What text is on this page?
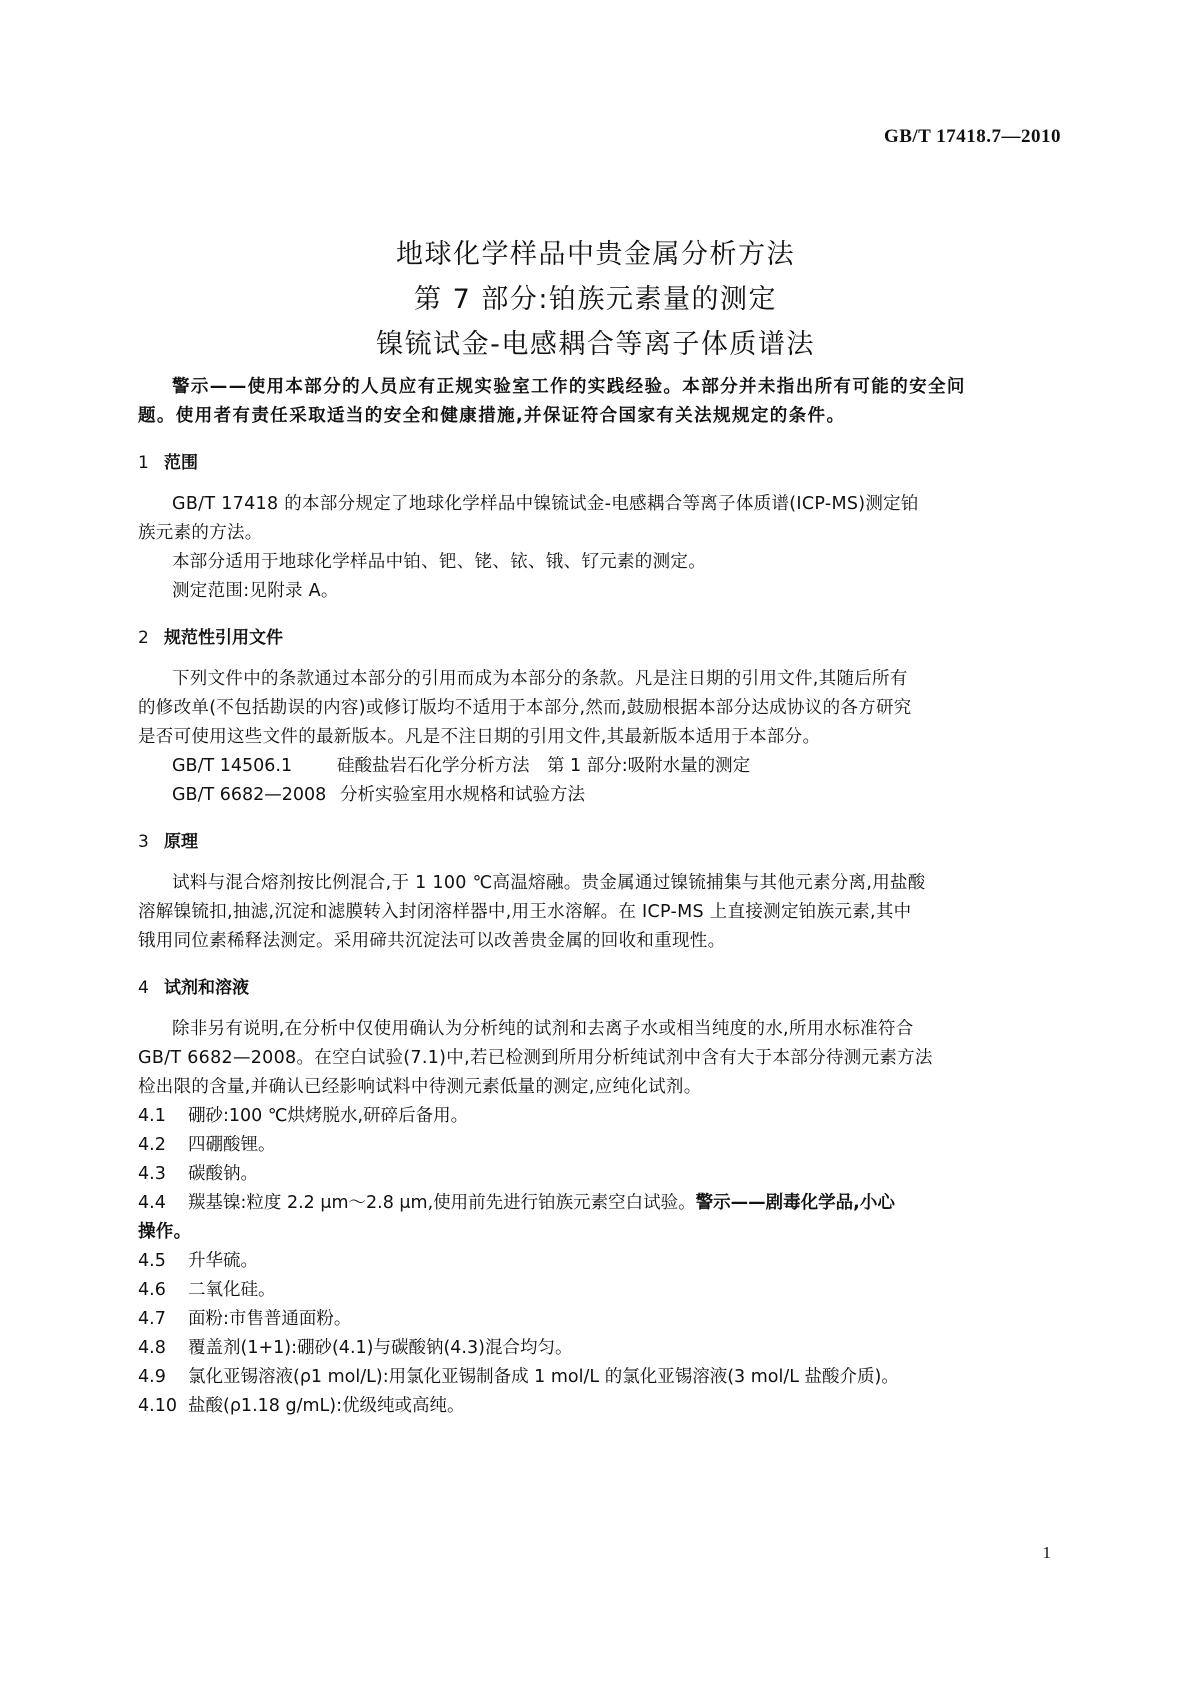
GB/T 17418.7—2010
地球化学样品中贵金属分析方法
第 7 部分:铂族元素量的测定
镍锍试金-电感耦合等离子体质谱法
警示——使用本部分的人员应有正规实验室工作的实践经验。本部分并未指出所有可能的安全问
题。使用者有责任采取适当的安全和健康措施,并保证符合国家有关法规规定的条件。
1 范围
GB/T 17418 的本部分规定了地球化学样品中镍锍试金-电感耦合等离子体质谱(ICP-MS)测定铂
族元素的方法。
本部分适用于地球化学样品中铂、钯、铑、铱、锇、钌元素的测定。
测定范围:见附录 A。
2 规范性引用文件
下列文件中的条款通过本部分的引用而成为本部分的条款。凡是注日期的引用文件,其随后所有
的修改单(不包括勘误的内容)或修订版均不适用于本部分,然而,鼓励根据本部分达成协议的各方研究
是否可使用这些文件的最新版本。凡是不注日期的引用文件,其最新版本适用于本部分。
GB/T 14506.1	硅酸盐岩石化学分析方法　第 1 部分:吸附水量的测定
GB/T 6682—2008 分析实验室用水规格和试验方法
3 原理
试料与混合熔剂按比例混合,于 1 100 ℃高温熔融。贵金属通过镍锍捕集与其他元素分离,用盐酸
溶解镍锍扣,抽滤,沉淀和滤膜转入封闭溶样器中,用王水溶解。在 ICP-MS 上直接测定铂族元素,其中
锇用同位素稀释法测定。采用碲共沉淀法可以改善贵金属的回收和重现性。
4 试剂和溶液
除非另有说明,在分析中仅使用确认为分析纯的试剂和去离子水或相当纯度的水,所用水标准符合
GB/T 6682—2008。在空白试验(7.1)中,若已检测到所用分析纯试剂中含有大于本部分待测元素方法
检出限的含量,并确认已经影响试料中待测元素低量的测定,应纯化试剂。
4.1 硼砂:100 ℃烘烤脱水,研碎后备用。
4.2 四硼酸锂。
4.3 碳酸钠。
4.4 羰基镍:粒度 2.2 μm～2.8 μm,使用前先进行铂族元素空白试验。警示——剧毒化学品,小心
操作。
4.5 升华硫。
4.6 二氧化硅。
4.7 面粉:市售普通面粉。
4.8 覆盖剂(1+1):硼砂(4.1)与碳酸钠(4.3)混合均匀。
4.9 氯化亚锡溶液(ρ1 mol/L):用氯化亚锡制备成 1 mol/L 的氯化亚锡溶液(3 mol/L 盐酸介质)。
4.10 盐酸(ρ1.18 g/mL):优级纯或高纯。
1
